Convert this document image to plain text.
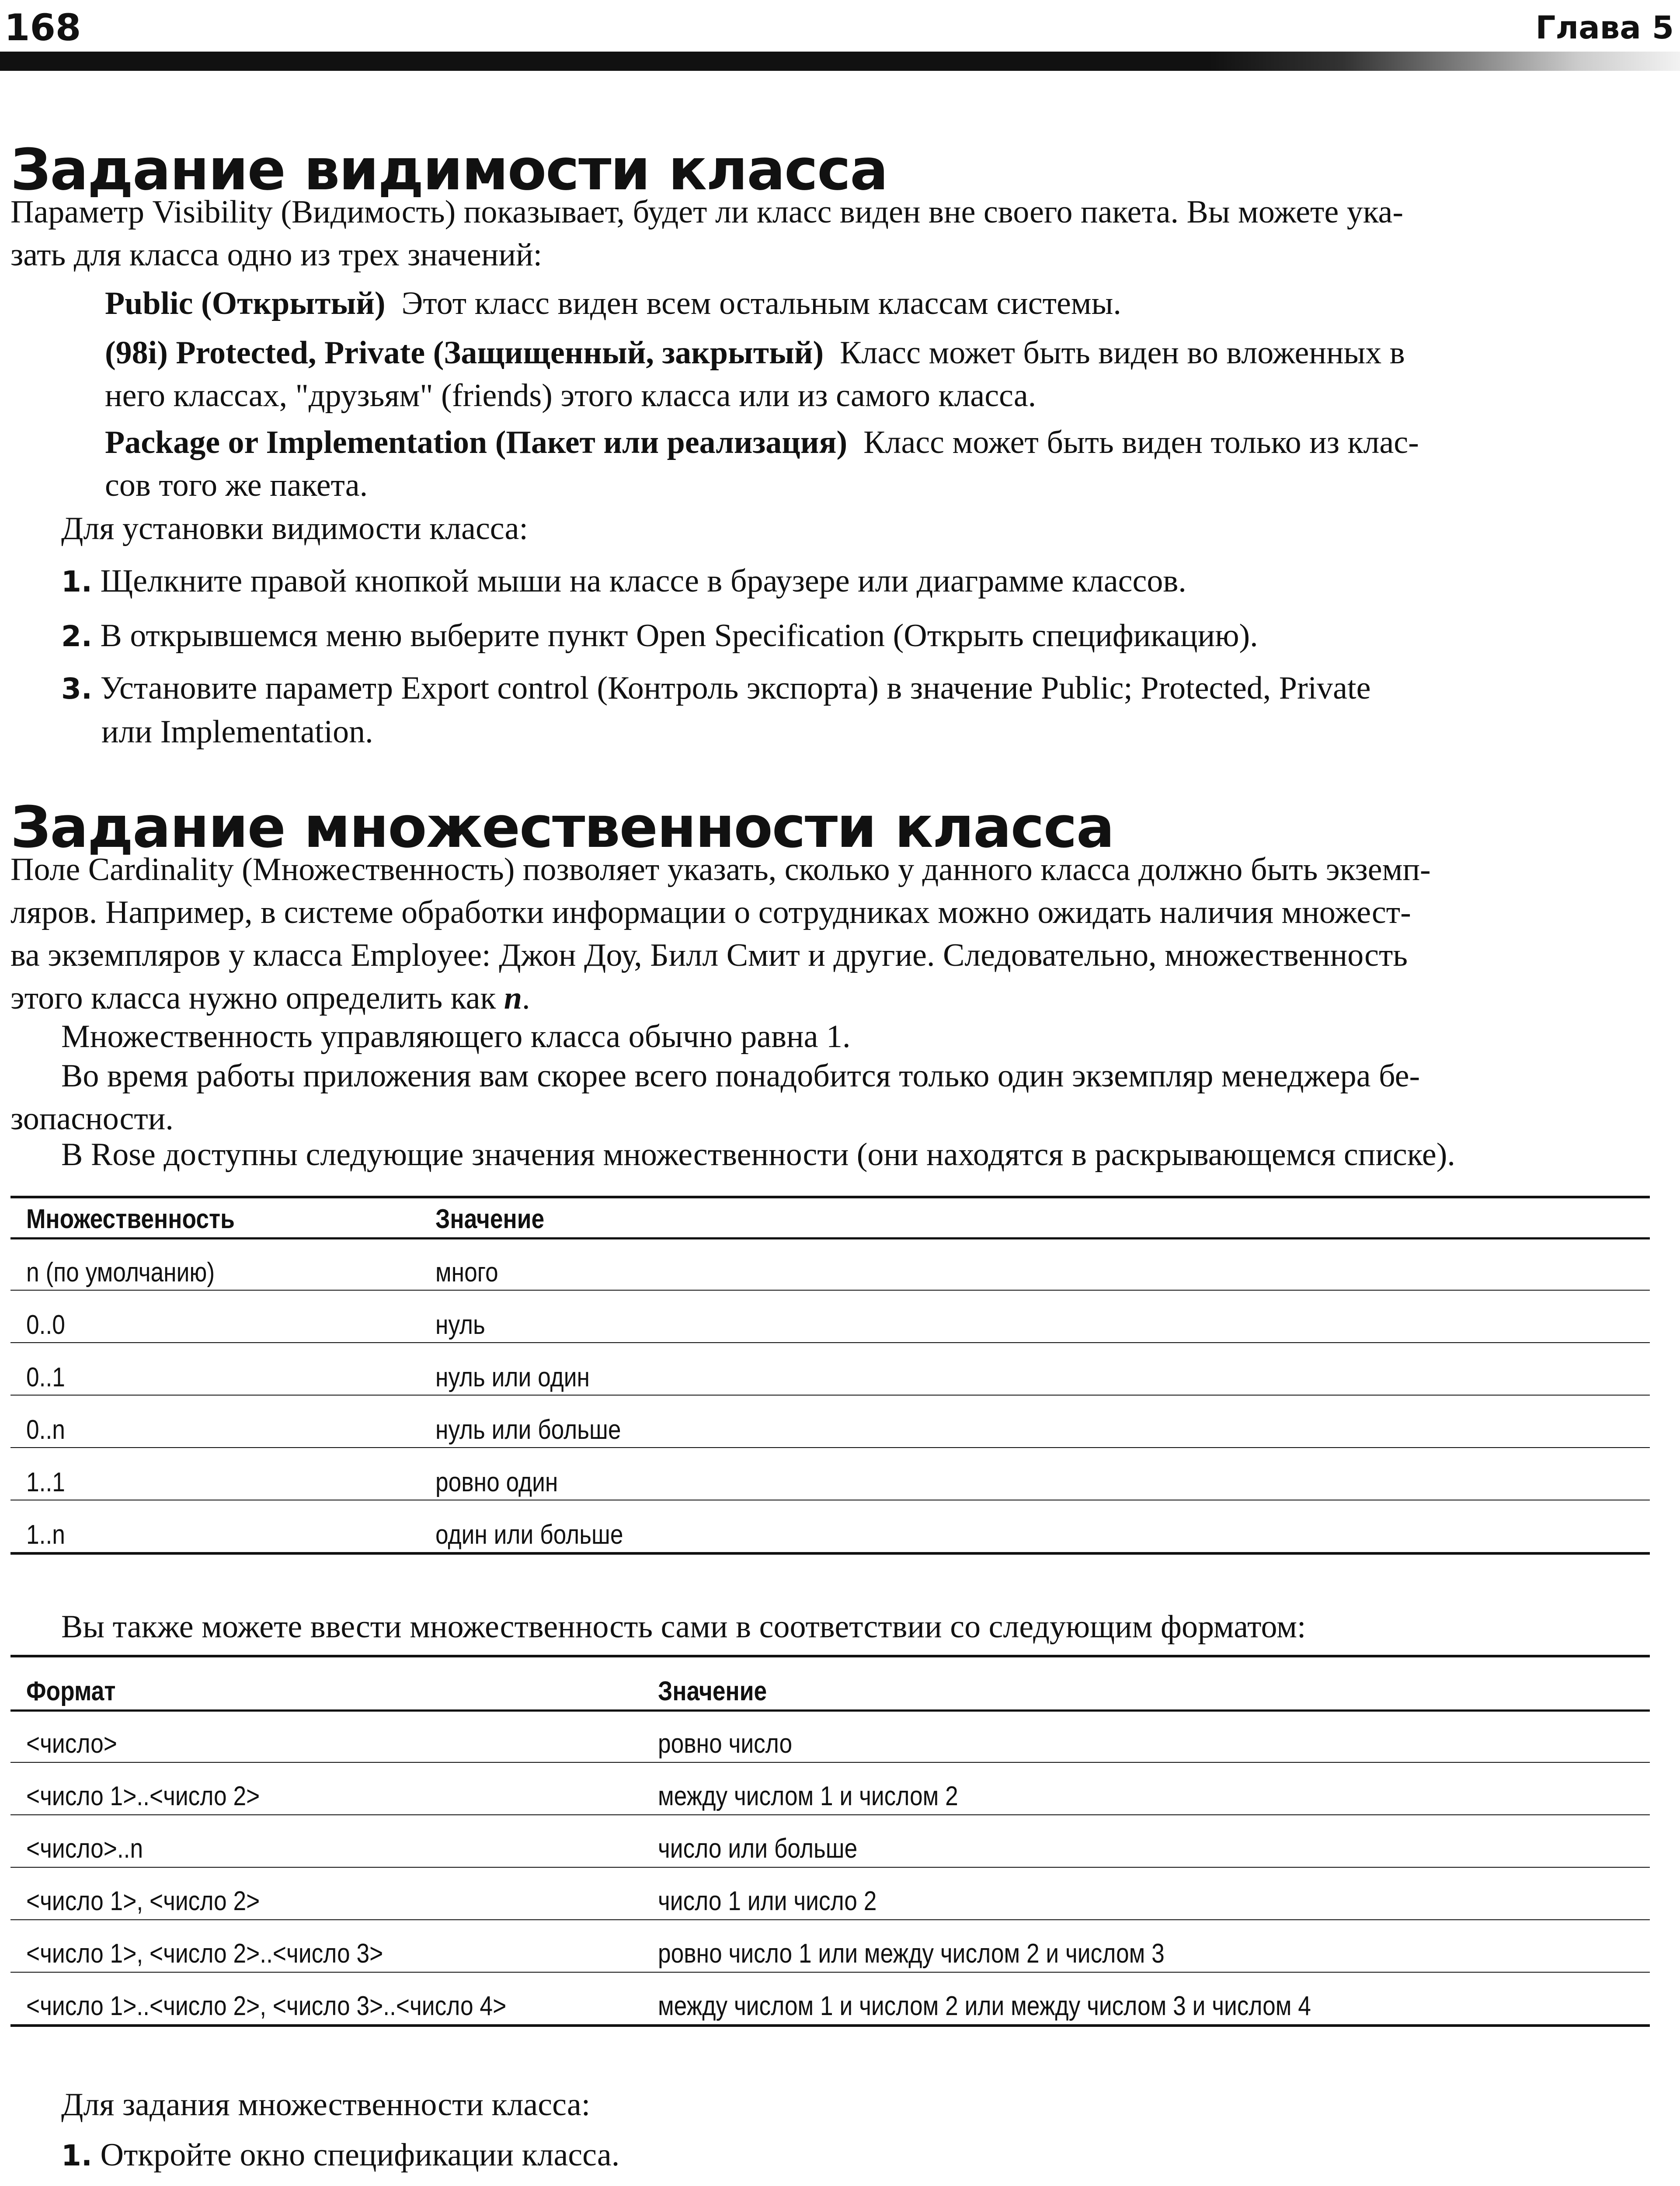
168	Глава 5
Задание видимости класса
Параметр Visibility (Видимость) показывает, будет ли класс виден вне своего пакета. Вы можете ука-
зать для класса одно из трех значений:
Public (Открытый) Этот класс виден всем остальным классам системы.
(98i) Protected, Private (Защищенный, закрытый) Класс может быть виден во вложенных в
него классах, "друзьям" (friends) этого класса или из самого класса.
Package or Implementation (Пакет или реализация) Класс может быть виден только из клас-
сов того же пакета.
Для установки видимости класса:
1. Щелкните правой кнопкой мыши на классе в браузере или диаграмме классов.
2. В открывшемся меню выберите пункт Open Specification (Открыть спецификацию).
3. Установите параметр Export control (Контроль экспорта) в значение Public; Protected, Private
или Implementation.
Задание множественности класса
Поле Cardinality (Множественность) позволяет указать, сколько у данного класса должно быть экземп-
ляров. Например, в системе обработки информации о сотрудниках можно ожидать наличия множест-
ва экземпляров у класса Employee: Джон Доу, Билл Смит и другие. Следовательно, множественность
этого класса нужно определить как n.
Множественность управляющего класса обычно равна 1.
Во время работы приложения вам скорее всего понадобится только один экземпляр менеджера бе-
зопасности.
В Rose доступны следующие значения множественности (они находятся в раскрывающемся списке).
Множественность	Значение
n (по умолчанию)	много
0..0	нуль
0..1	нуль или один
0..n	нуль или больше
1..1	ровно один
1..n	один или больше
Вы также можете ввести множественность сами в соответствии со следующим форматом:
Формат	Значение
<число>	ровно число
<число 1>..<число 2>	между числом 1 и числом 2
<число>..n	число или больше
<число 1>, <число 2>	число 1 или число 2
<число 1>, <число 2>..<число 3>	ровно число 1 или между числом 2 и числом 3
<число 1>..<число 2>, <число 3>..<число 4>	между числом 1 и числом 2 или между числом 3 и числом 4
Для задания множественности класса:
1. Откройте окно спецификации класса.
